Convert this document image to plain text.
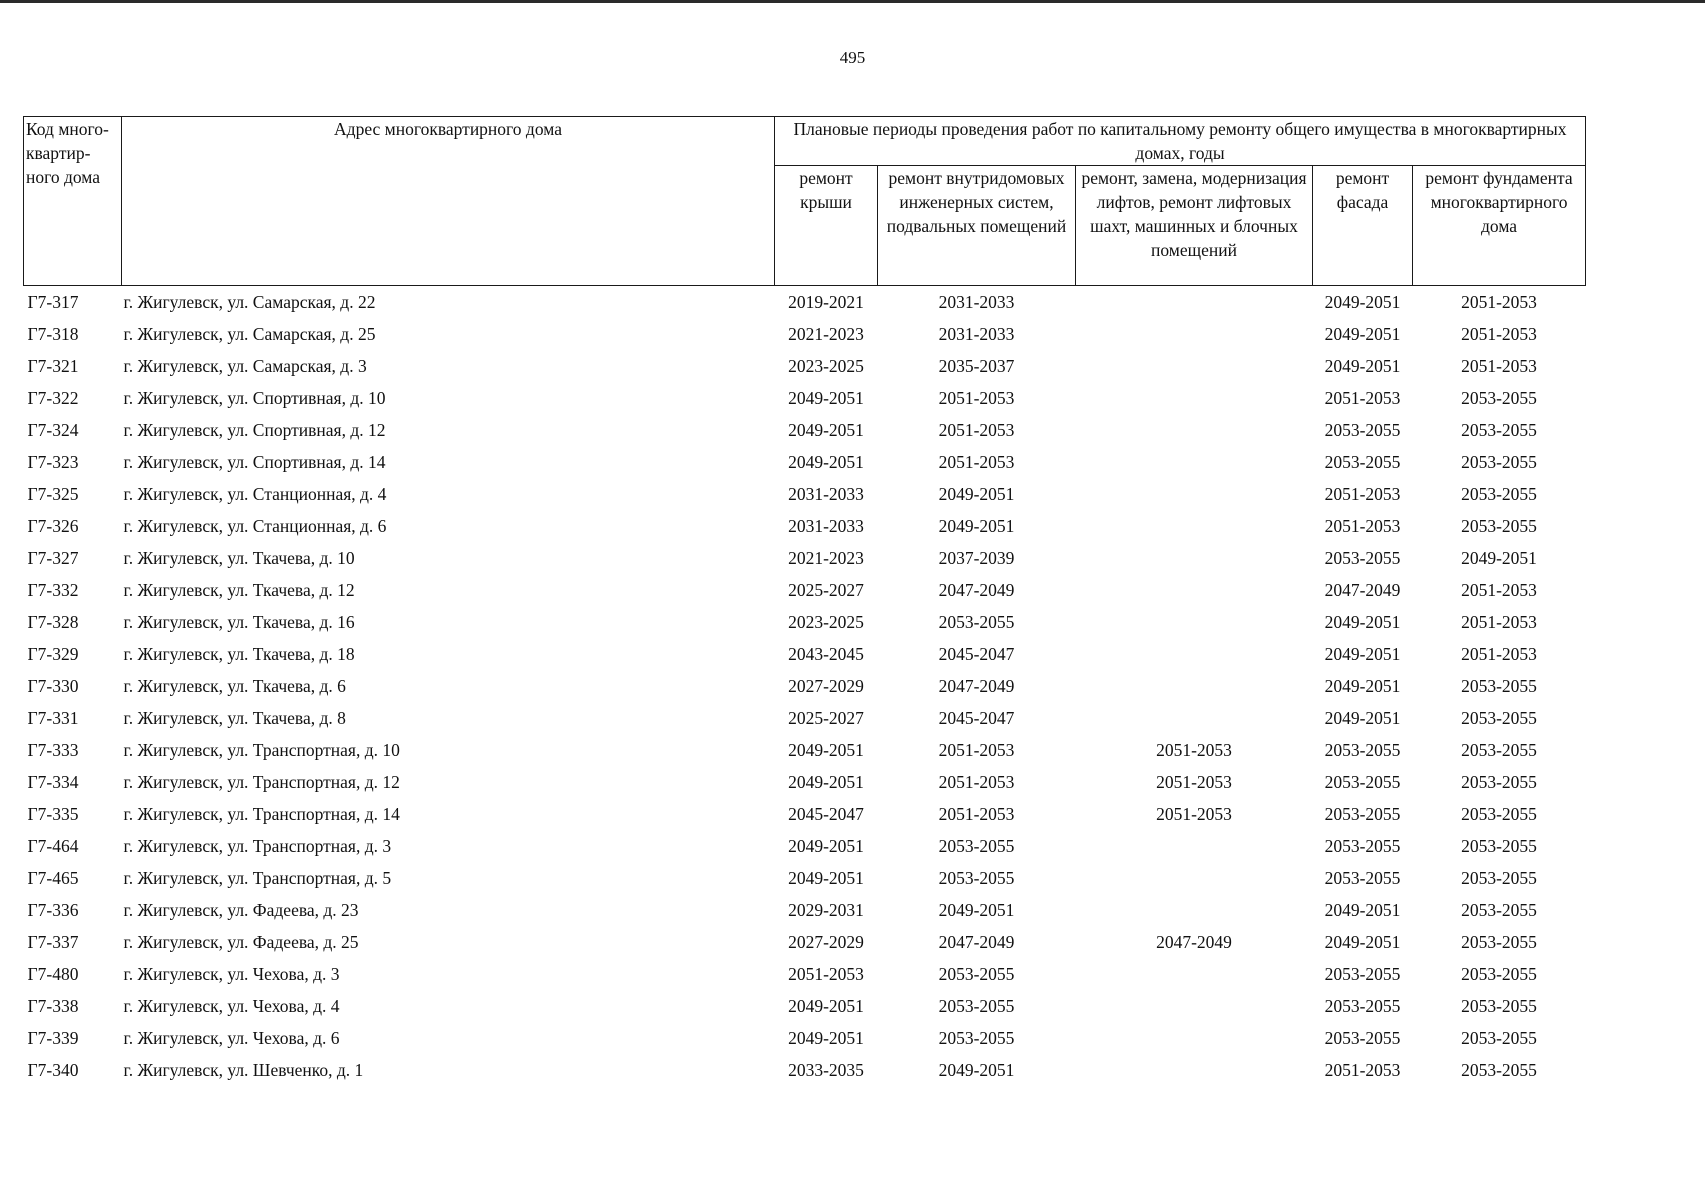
495
Код много-квартир-ного дома	Адрес многоквартирного дома	Плановые периоды проведения работ по капитальному ремонту общего имущества в многоквартирных домах, годы				
		ремонт крыши	ремонт внутридомовых инженерных систем, подвальных помещений	ремонт, замена, модернизация лифтов, ремонт лифтовых шахт, машинных и блочных помещений	ремонт фасада	ремонт фундамента многоквартирного дома
Г7-317	г. Жигулевск, ул. Самарская, д. 22	2019-2021	2031-2033		2049-2051	2051-2053
Г7-318	г. Жигулевск, ул. Самарская, д. 25	2021-2023	2031-2033		2049-2051	2051-2053
Г7-321	г. Жигулевск, ул. Самарская, д. 3	2023-2025	2035-2037		2049-2051	2051-2053
Г7-322	г. Жигулевск, ул. Спортивная, д. 10	2049-2051	2051-2053		2051-2053	2053-2055
Г7-324	г. Жигулевск, ул. Спортивная, д. 12	2049-2051	2051-2053		2053-2055	2053-2055
Г7-323	г. Жигулевск, ул. Спортивная, д. 14	2049-2051	2051-2053		2053-2055	2053-2055
Г7-325	г. Жигулевск, ул. Станционная, д. 4	2031-2033	2049-2051		2051-2053	2053-2055
Г7-326	г. Жигулевск, ул. Станционная, д. 6	2031-2033	2049-2051		2051-2053	2053-2055
Г7-327	г. Жигулевск, ул. Ткачева, д. 10	2021-2023	2037-2039		2053-2055	2049-2051
Г7-332	г. Жигулевск, ул. Ткачева, д. 12	2025-2027	2047-2049		2047-2049	2051-2053
Г7-328	г. Жигулевск, ул. Ткачева, д. 16	2023-2025	2053-2055		2049-2051	2051-2053
Г7-329	г. Жигулевск, ул. Ткачева, д. 18	2043-2045	2045-2047		2049-2051	2051-2053
Г7-330	г. Жигулевск, ул. Ткачева, д. 6	2027-2029	2047-2049		2049-2051	2053-2055
Г7-331	г. Жигулевск, ул. Ткачева, д. 8	2025-2027	2045-2047		2049-2051	2053-2055
Г7-333	г. Жигулевск, ул. Транспортная, д. 10	2049-2051	2051-2053	2051-2053	2053-2055	2053-2055
Г7-334	г. Жигулевск, ул. Транспортная, д. 12	2049-2051	2051-2053	2051-2053	2053-2055	2053-2055
Г7-335	г. Жигулевск, ул. Транспортная, д. 14	2045-2047	2051-2053	2051-2053	2053-2055	2053-2055
Г7-464	г. Жигулевск, ул. Транспортная, д. 3	2049-2051	2053-2055		2053-2055	2053-2055
Г7-465	г. Жигулевск, ул. Транспортная, д. 5	2049-2051	2053-2055		2053-2055	2053-2055
Г7-336	г. Жигулевск, ул. Фадеева, д. 23	2029-2031	2049-2051		2049-2051	2053-2055
Г7-337	г. Жигулевск, ул. Фадеева, д. 25	2027-2029	2047-2049	2047-2049	2049-2051	2053-2055
Г7-480	г. Жигулевск, ул. Чехова, д. 3	2051-2053	2053-2055		2053-2055	2053-2055
Г7-338	г. Жигулевск, ул. Чехова, д. 4	2049-2051	2053-2055		2053-2055	2053-2055
Г7-339	г. Жигулевск, ул. Чехова, д. 6	2049-2051	2053-2055		2053-2055	2053-2055
Г7-340	г. Жигулевск, ул. Шевченко, д. 1	2033-2035	2049-2051		2051-2053	2053-2055
